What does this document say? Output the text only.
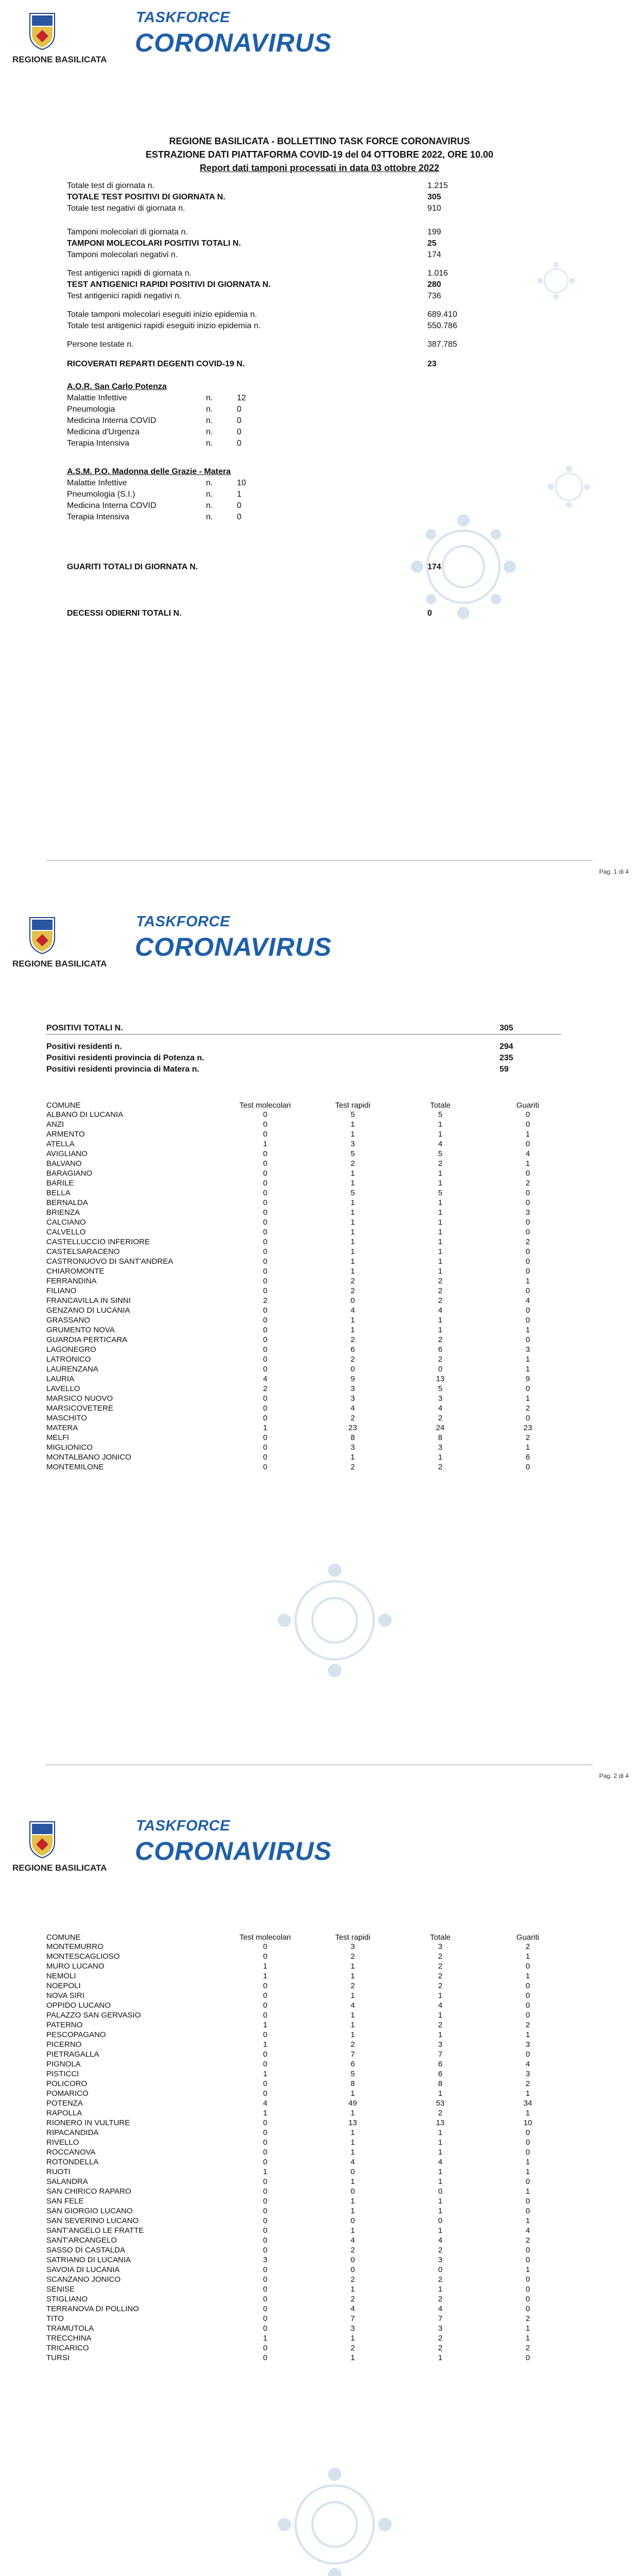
REGIONE BASILICATA
TASKFORCE
CORONAVIRUS
REGIONE BASILICATA - BOLLETTINO TASK FORCE CORONAVIRUS
ESTRAZIONE DATI PIATTAFORMA COVID-19 del 04 OTTOBRE 2022, ORE 10.00
Report dati tamponi processati in data 03 ottobre 2022
Totale test di giornata n.	1.215
TOTALE TEST POSITIVI DI GIORNATA N.	305
Totale test negativi di giornata n.	910
Tamponi molecolari di giornata n.	199
TAMPONI MOLECOLARI POSITIVI TOTALI N.	25
Tamponi molecolari negativi n.	174
Test antigenici rapidi di giornata n.	1.016
TEST ANTIGENICI RAPIDI POSITIVI DI GIORNATA N.	280
Test antigenici rapidi negativi n.	736
Totale tamponi molecolari eseguiti inizio epidemia n.	689.410
Totale test antigenici rapidi eseguiti inizio epidemia n.	550.786
Persone testate n.	387.785
RICOVERATI REPARTI DEGENTI COVID-19 N.	23
A.O.R. San Carlo Potenza
Malattie Infettive	n.	12
Pneumologia	n.	0
Medicina Interna COVID	n.	0
Medicina d'Urgenza	n.	0
Terapia Intensiva	n.	0
A.S.M. P.O. Madonna delle Grazie - Matera
Malattie Infettive	n.	10
Pneumologia (S.I.)	n.	1
Medicina Interna COVID	n.	0
Terapia Intensiva	n.	0
GUARITI TOTALI DI GIORNATA N.	174
DECESSI ODIERNI TOTALI N.	0
Pag. 1 di 4
REGIONE BASILICATA
TASKFORCE
CORONAVIRUS
POSITIVI TOTALI N.	305
Positivi residenti n.	294
Positivi residenti provincia di Potenza n.	235
Positivi residenti provincia di Matera n.	59
COMUNE	Test molecolari	Test rapidi	Totale	Guariti
ALBANO DI LUCANIA	0	5	5	0
ANZI	0	1	1	0
ARMENTO	0	1	1	1
ATELLA	1	3	4	0
AVIGLIANO	0	5	5	4
BALVANO	0	2	2	1
BARAGIANO	0	1	1	0
BARILE	0	1	1	2
BELLA	0	5	5	0
BERNALDA	0	1	1	0
BRIENZA	0	1	1	3
CALCIANO	0	1	1	0
CALVELLO	0	1	1	0
CASTELLUCCIO INFERIORE	0	1	1	2
CASTELSARACENO	0	1	1	0
CASTRONUOVO DI SANT'ANDREA	0	1	1	0
CHIAROMONTE	0	1	1	0
FERRANDINA	0	2	2	1
FILIANO	0	2	2	0
FRANCAVILLA IN SINNI	2	0	2	4
GENZANO DI LUCANIA	0	4	4	0
GRASSANO	0	1	1	0
GRUMENTO NOVA	0	1	1	1
GUARDIA PERTICARA	0	2	2	0
LAGONEGRO	0	6	6	3
LATRONICO	0	2	2	1
LAURENZANA	0	0	0	1
LAURIA	4	9	13	9
LAVELLO	2	3	5	0
MARSICO NUOVO	0	3	3	1
MARSICOVETERE	0	4	4	2
MASCHITO	0	2	2	0
MATERA	1	23	24	23
MELFI	0	8	8	2
MIGLIONICO	0	3	3	1
MONTALBANO JONICO	0	1	1	6
MONTEMILONE	0	2	2	0
Pag. 2 di 4
REGIONE BASILICATA
TASKFORCE
CORONAVIRUS
COMUNE	Test molecolari	Test rapidi	Totale	Guariti
MONTEMURRO	0	3	3	2
MONTESCAGLIOSO	0	2	2	1
MURO LUCANO	1	1	2	0
NEMOLI	1	1	2	1
NOEPOLI	0	2	2	0
NOVA SIRI	0	1	1	0
OPPIDO LUCANO	0	4	4	0
PALAZZO SAN GERVASIO	0	1	1	0
PATERNO	1	1	2	2
PESCOPAGANO	0	1	1	1
PICERNO	1	2	3	3
PIETRAGALLA	0	7	7	0
PIGNOLA	0	6	6	4
PISTICCI	1	5	6	3
POLICORO	0	8	8	2
POMARICO	0	1	1	1
POTENZA	4	49	53	34
RAPOLLA	1	1	2	1
RIONERO IN VULTURE	0	13	13	10
RIPACANDIDA	0	1	1	0
RIVELLO	0	1	1	0
ROCCANOVA	0	1	1	0
ROTONDELLA	0	4	4	1
RUOTI	1	0	1	1
SALANDRA	0	1	1	0
SAN CHIRICO RAPARO	0	0	0	1
SAN FELE	0	1	1	0
SAN GIORGIO LUCANO	0	1	1	0
SAN SEVERINO LUCANO	0	0	0	1
SANT'ANGELO LE FRATTE	0	1	1	4
SANT'ARCANGELO	0	4	4	2
SASSO DI CASTALDA	0	2	2	0
SATRIANO DI LUCANIA	3	0	3	0
SAVOIA DI LUCANIA	0	0	0	1
SCANZANO JONICO	0	2	2	0
SENISE	0	1	1	0
STIGLIANO	0	2	2	0
TERRANOVA DI POLLINO	0	4	4	0
TITO	0	7	7	2
TRAMUTOLA	0	3	3	1
TRECCHINA	1	1	2	1
TRICARICO	0	2	2	2
TURSI	0	1	1	0
